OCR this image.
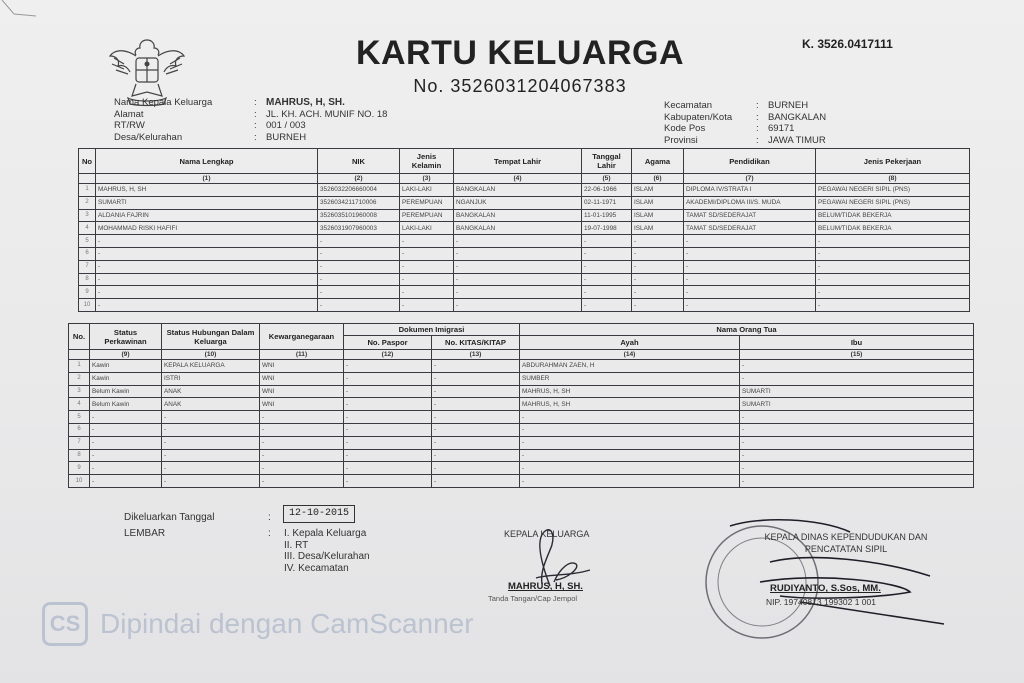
KARTU KELUARGA
No. 3526031204067383
K. 3526.0417111
Nama Kepala Keluarga	: MAHRUS, H, SH.
Alamat	: JL. KH. ACH. MUNIF NO. 18
RT/RW	: 001 / 003
Desa/Kelurahan	: BURNEH
Kecamatan	: BURNEH
Kabupaten/Kota	: BANGKALAN
Kode Pos	: 69171
Provinsi	: JAWA TIMUR
No	Nama Lengkap	NIK	Jenis Kelamin	Tempat Lahir	Tanggal Lahir	Agama	Pendidikan	Jenis Pekerjaan
	(1)	(2)	(3)	(4)	(5)	(6)	(7)	(8)
1	MAHRUS, H, SH	3526032206660004	LAKI-LAKI	BANGKALAN	22-06-1966	ISLAM	DIPLOMA IV/STRATA I	PEGAWAI NEGERI SIPIL (PNS)
2	SUMARTI	3526034211710006	PEREMPUAN	NGANJUK	02-11-1971	ISLAM	AKADEMI/DIPLOMA III/S. MUDA	PEGAWAI NEGERI SIPIL (PNS)
3	ALDANIA FAJRIN	3526035101960008	PEREMPUAN	BANGKALAN	11-01-1995	ISLAM	TAMAT SD/SEDERAJAT	BELUM/TIDAK BEKERJA
4	MOHAMMAD RISKI HAFIFI	3526031907960003	LAKI-LAKI	BANGKALAN	19-07-1998	ISLAM	TAMAT SD/SEDERAJAT	BELUM/TIDAK BEKERJA
5	-	-	-	-	-	-	-	-
6	-	-	-	-	-	-	-	-
7	-	-	-	-	-	-	-	-
8	-	-	-	-	-	-	-	-
9	-	-	-	-	-	-	-	-
10	-	-	-	-	-	-	-	-
No.	Status Perkawinan	Status Hubungan Dalam Keluarga	Kewarganegaraan	Dokumen Imigrasi		Nama Orang Tua	
				No. Paspor	No. KITAS/KITAP	Ayah	Ibu
	(9)	(10)	(11)	(12)	(13)	(14)	(15)
1	Kawin	KEPALA KELUARGA	WNI	-	-	ABDURAHMAN ZAEN, H	-
2	Kawin	ISTRI	WNI	-	-	SUMBER	-
3	Belum Kawin	ANAK	WNI	-	-	MAHRUS, H, SH	SUMARTI
4	Belum Kawin	ANAK	WNI	-	-	MAHRUS, H, SH	SUMARTI
5	-	-	-	-	-	-	-
6	-	-	-	-	-	-	-
7	-	-	-	-	-	-	-
8	-	-	-	-	-	-	-
9	-	-	-	-	-	-	-
10	-	-	-	-	-	-	-
Dikeluarkan Tanggal	:	12-10-2015
LEMBAR	: I. Kepala Keluarga
II. RT
III. Desa/Kelurahan
IV. Kecamatan
KEPALA KELUARGA
MAHRUS, H, SH.
Tanda Tangan/Cap Jempol
KEPALA DINAS KEPENDUDUKAN DAN PENCATATAN SIPIL
RUDIYANTO, S.Sos, MM.
NIP. 19740813 199302 1 001
CS Dipindai dengan CamScanner
